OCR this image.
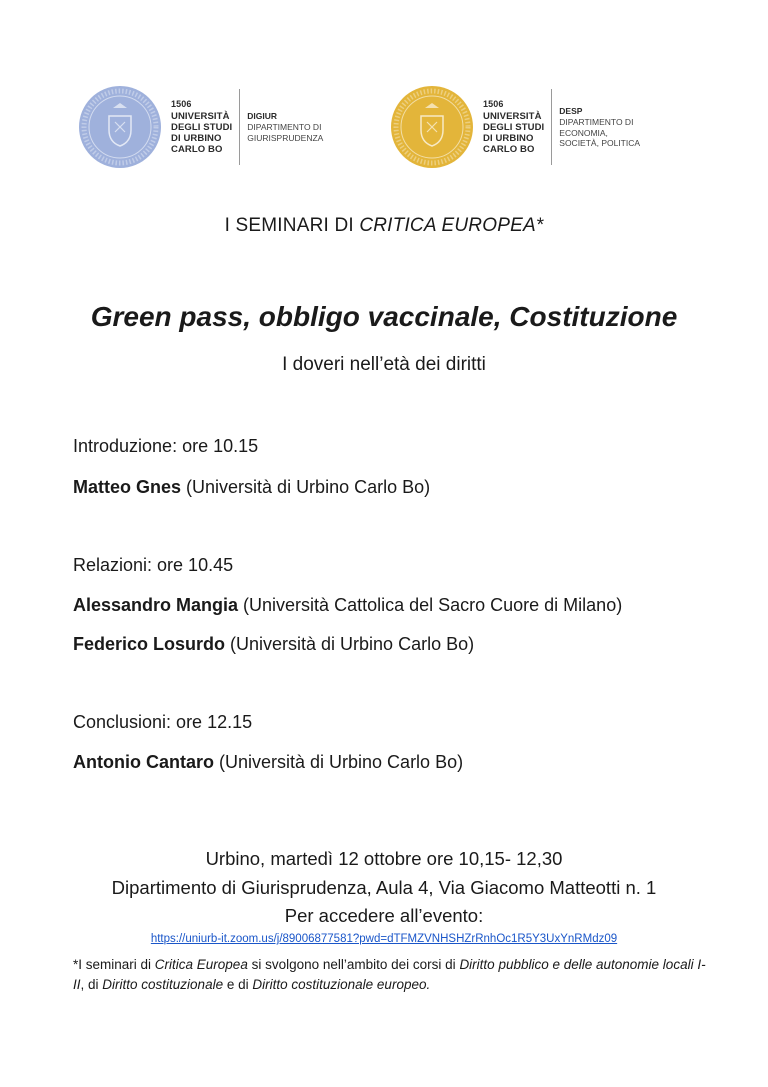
1506
UNIVERSITÀ
DEGLI STUDI
DI URBINO
CARLO BO
DIGIUR
DIPARTIMENTO DI
GIURISPRUDENZA
1506
UNIVERSITÀ
DEGLI STUDI
DI URBINO
CARLO BO
DESP
DIPARTIMENTO DI
ECONOMIA,
SOCIETÀ, POLITICA
I SEMINARI DI CRITICA EUROPEA*
Green pass, obbligo vaccinale, Costituzione
I doveri nell’età dei diritti
Introduzione: ore 10.15
Matteo Gnes (Università di Urbino Carlo Bo)
Relazioni: ore 10.45
Alessandro Mangia (Università Cattolica del Sacro Cuore di Milano)
Federico Losurdo (Università di Urbino Carlo Bo)
Conclusioni: ore 12.15
Antonio Cantaro (Università di Urbino Carlo Bo)
Urbino, martedì 12 ottobre ore 10,15- 12,30
Dipartimento di Giurisprudenza, Aula 4, Via Giacomo Matteotti n. 1
Per accedere all’evento:
https://uniurb-it.zoom.us/j/89006877581?pwd=dTFMZVNHSHZrRnhOc1R5Y3UxYnRMdz09
*I seminari di Critica Europea si svolgono nell’ambito dei corsi di Diritto pubblico e delle autonomie locali I-II, di Diritto costituzionale e di Diritto costituzionale europeo.
